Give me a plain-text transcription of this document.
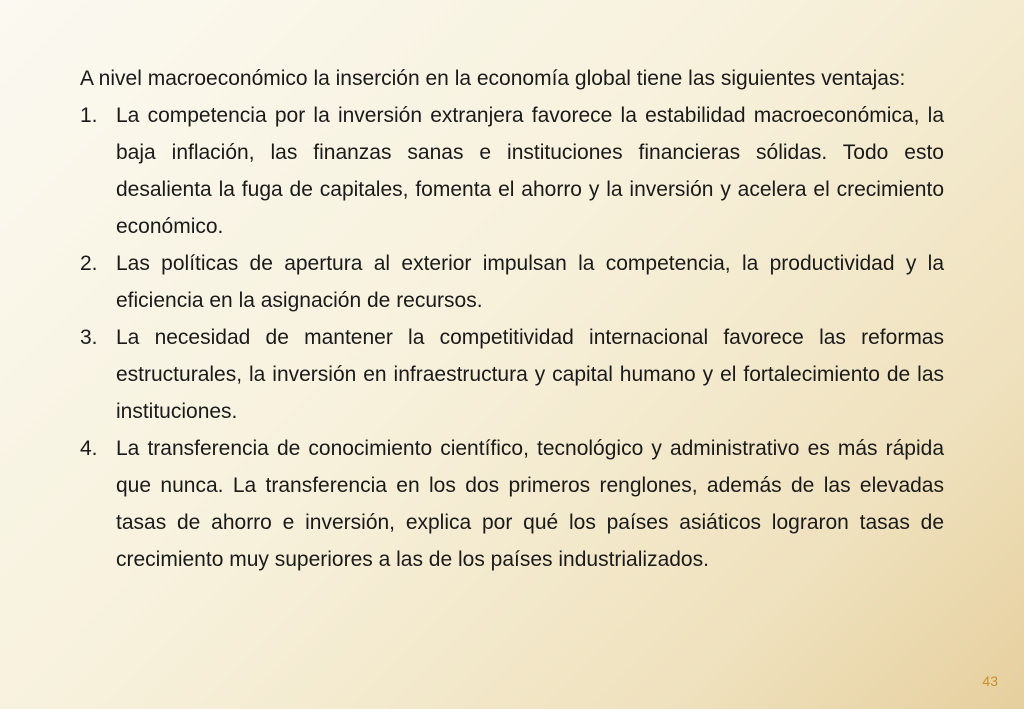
A nivel macroeconómico la inserción en la economía global tiene las siguientes ventajas:

1. La competencia por la inversión extranjera favorece la estabilidad macroeconómica, la baja inflación, las finanzas sanas e instituciones financieras sólidas. Todo esto desalienta la fuga de capitales, fomenta el ahorro y la inversión y acelera el crecimiento económico.
2. Las políticas de apertura al exterior impulsan la competencia, la productividad y la eficiencia en la asignación de recursos.
3. La necesidad de mantener la competitividad internacional favorece las reformas estructurales, la inversión en infraestructura y capital humano y el fortalecimiento de las instituciones.
4. La transferencia de conocimiento científico, tecnológico y administrativo es más rápida que nunca. La transferencia en los dos primeros renglones, además de las elevadas tasas de ahorro e inversión, explica por qué los países asiáticos lograron tasas de crecimiento muy superiores a las de los países industrializados.
43
